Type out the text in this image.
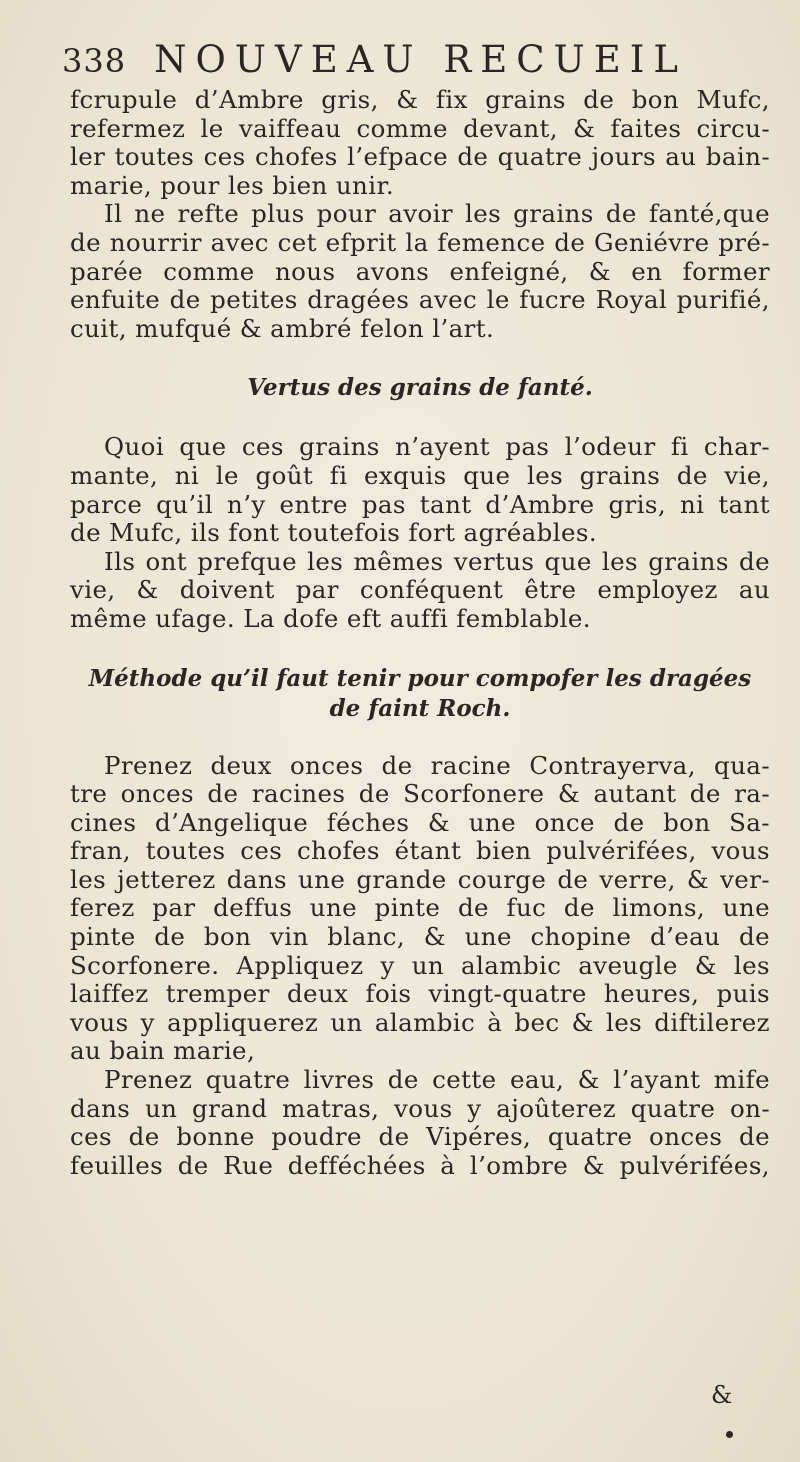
338 NOUVEAU RECUEIL
fcrupule d’Ambre gris, & fix grains de bon Mufc,
refermez le vaiffeau comme devant, & faites circu-
ler toutes ces chofes l’efpace de quatre jours au bain-
marie, pour les bien unir.
Il ne refte plus pour avoir les grains de fanté,que
de nourrir avec cet efprit la femence de Geniévre pré-
parée comme nous avons enfeigné, & en former
enfuite de petites dragées avec le fucre Royal purifié,
cuit, mufqué & ambré felon l’art.
Vertus des grains de fanté.
Quoi que ces grains n’ayent pas l’odeur fi char-
mante, ni le goût fi exquis que les grains de vie,
parce qu’il n’y entre pas tant d’Ambre gris, ni tant
de Mufc, ils font toutefois fort agréables.
Ils ont prefque les mêmes vertus que les grains de
vie, & doivent par conféquent être employez au
même ufage. La dofe eft auffi femblable.
Méthode qu’il faut tenir pour compofer les dragées
de faint Roch.
Prenez deux onces de racine Contrayerva, qua-
tre onces de racines de Scorfonere & autant de ra-
cines d’Angelique féches & une once de bon Sa-
fran, toutes ces chofes étant bien pulvérifées, vous
les jetterez dans une grande courge de verre, & ver-
ferez par deffus une pinte de fuc de limons, une
pinte de bon vin blanc, & une chopine d’eau de
Scorfonere. Appliquez y un alambic aveugle & les
laiffez tremper deux fois vingt-quatre heures, puis
vous y appliquerez un alambic à bec & les diftilerez
au bain marie,
Prenez quatre livres de cette eau, & l’ayant mife
dans un grand matras, vous y ajoûterez quatre on-
ces de bonne poudre de Vipéres, quatre onces de
feuilles de Rue defféchées à l’ombre & pulvérifées,
&
